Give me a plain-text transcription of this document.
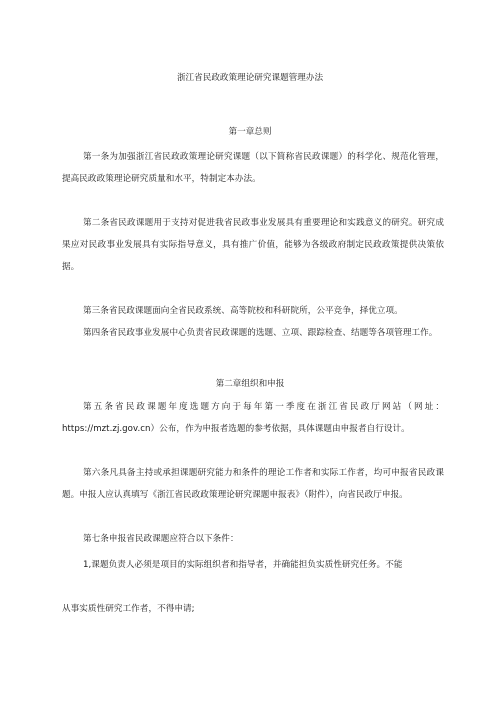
浙江省民政政策理论研究课题管理办法
第一章总则
第一条为加强浙江省民政政策理论研究课题（以下简称省民政课题）的科学化、规范化管理，提高民政政策理论研究质量和水平，特制定本办法。
第二条省民政课题用于支持对促进我省民政事业发展具有重要理论和实践意义的研究。研究成果应对民政事业发展具有实际指导意义，具有推广价值，能够为各级政府制定民政政策提供决策依据。
第三条省民政课题面向全省民政系统、高等院校和科研院所，公平竞争，择优立项。
第四条省民政事业发展中心负责省民政课题的选题、立项、跟踪检查、结题等各项管理工作。
第二章组织和申报
第五条省民政课题年度选题方向于每年第一季度在浙江省民政厅网站（网址：https://mzt.zj.gov.cn）公布，作为申报者选题的参考依据，具体课题由申报者自行设计。
第六条凡具备主持或承担课题研究能力和条件的理论工作者和实际工作者，均可申报省民政课题。申报人应认真填写《浙江省民政政策理论研究课题申报表》（附件），向省民政厅申报。
第七条申报省民政课题应符合以下条件：
1,课题负责人必须是项目的实际组织者和指导者，并确能担负实质性研究任务。不能
从事实质性研究工作者，不得申请;
